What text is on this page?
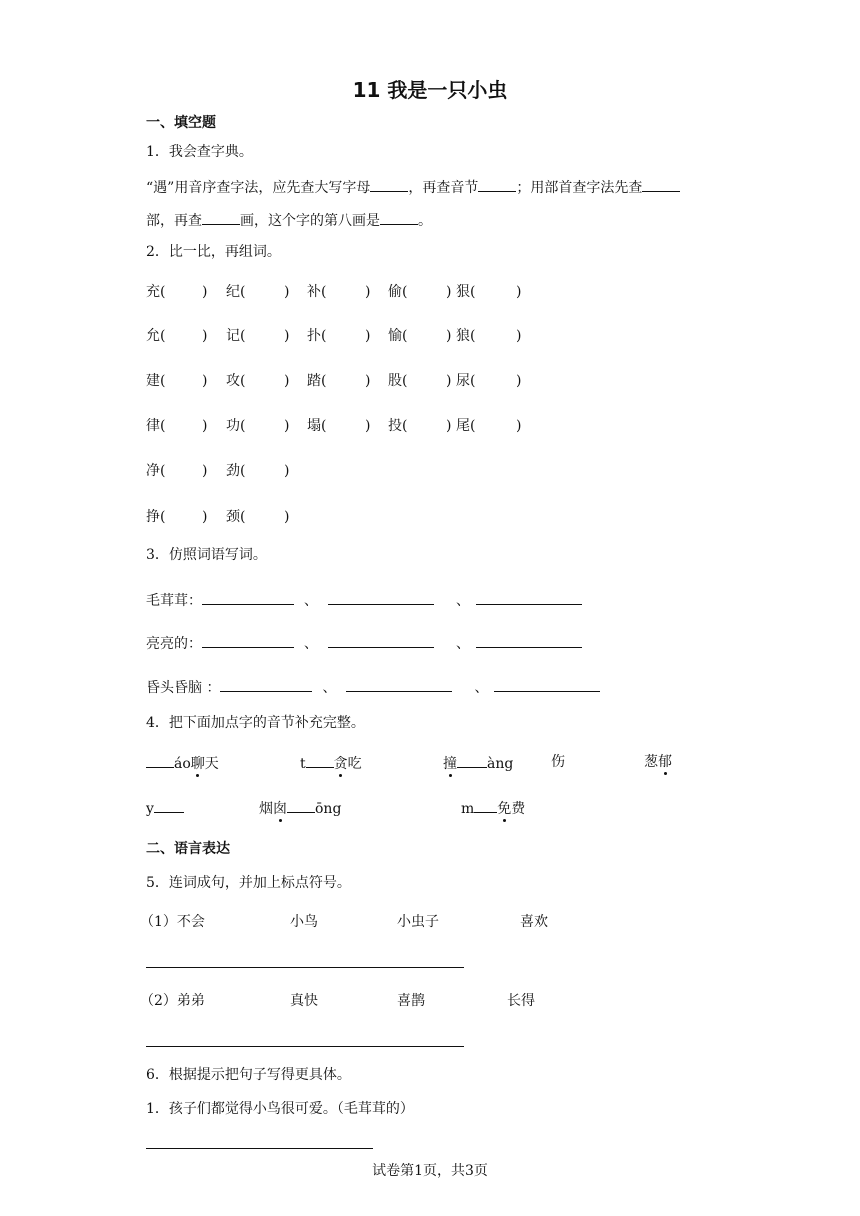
11 我是一只小虫
一、填空题
1．我会查字典。
“遇”用音序查字法，应先查大写字母	，再查音节	；用部首查字法先查
部，再查	画，这个字的第八画是	。
2．比一比，再组词。
充(	) 纪(	) 补(	) 偷(	) 狠(	)
允(	) 记(	) 扑(	) 愉(	) 狼(	)
建(	) 攻(	) 踏(	) 股(	) 尿(	)
律(	) 功(	) 塌(	) 投(	) 尾(	)
净(	) 劲(	)
挣(	) 颈(	)
3．仿照词语写词。
毛茸茸：	、	、
亮亮的：	、	、
昏头昏脑 ：	、	、
4．把下面加点字的音节补充完整。
áo聊天	t 贪吃	撞 àng	伤	葱郁
y	烟囱 ōng	m 免费
二、语言表达
5．连词成句，并加上标点符号。
（1）不会	小鸟	小虫子	喜欢
（2）弟弟	真快	喜鹊	长得
6．根据提示把句子写得更具体。
1．孩子们都觉得小鸟很可爱。（毛茸茸的）
试卷第1页，共3页
